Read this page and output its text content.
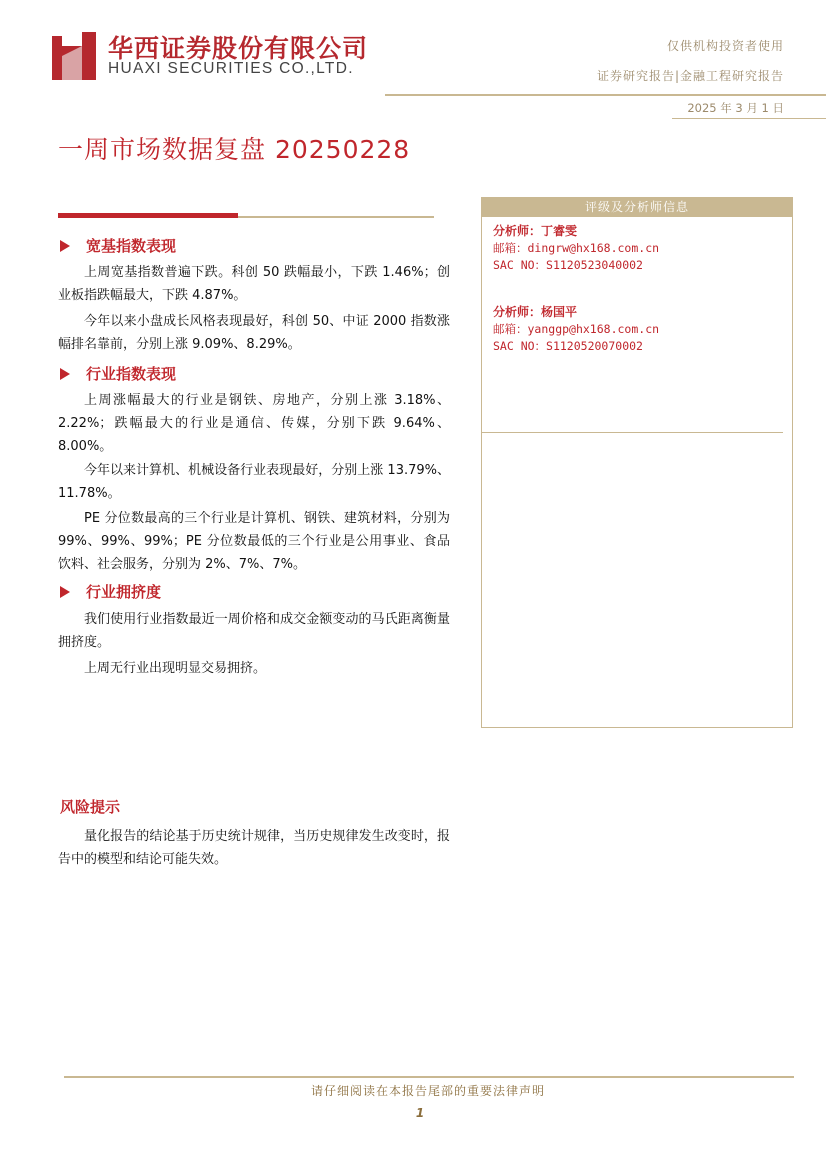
华西证券股份有限公司
HUAXI SECURITIES CO.,LTD.
仅供机构投资者使用
证券研究报告|金融工程研究报告
2025 年 3 月 1 日
一周市场数据复盘 20250228
宽基指数表现
上周宽基指数普遍下跌。科创 50 跌幅最小，下跌 1.46%；创业板指跌幅最大，下跌 4.87%。
今年以来小盘成长风格表现最好，科创 50、中证 2000 指数涨幅排名靠前，分别上涨 9.09%、8.29%。
行业指数表现
上周涨幅最大的行业是钢铁、房地产，分别上涨 3.18%、2.22%；跌幅最大的行业是通信、传媒，分别下跌 9.64%、8.00%。
今年以来计算机、机械设备行业表现最好，分别上涨 13.79%、11.78%。
PE 分位数最高的三个行业是计算机、钢铁、建筑材料，分别为 99%、99%、99%；PE 分位数最低的三个行业是公用事业、食品饮料、社会服务，分别为 2%、7%、7%。
行业拥挤度
我们使用行业指数最近一周价格和成交金额变动的马氏距离衡量拥挤度。
上周无行业出现明显交易拥挤。
评级及分析师信息
分析师：丁睿雯
邮箱：dingrw@hx168.com.cn
SAC NO：S1120523040002
分析师：杨国平
邮箱：yanggp@hx168.com.cn
SAC NO：S1120520070002
风险提示
量化报告的结论基于历史统计规律，当历史规律发生改变时，报告中的模型和结论可能失效。
请仔细阅读在本报告尾部的重要法律声明
1
